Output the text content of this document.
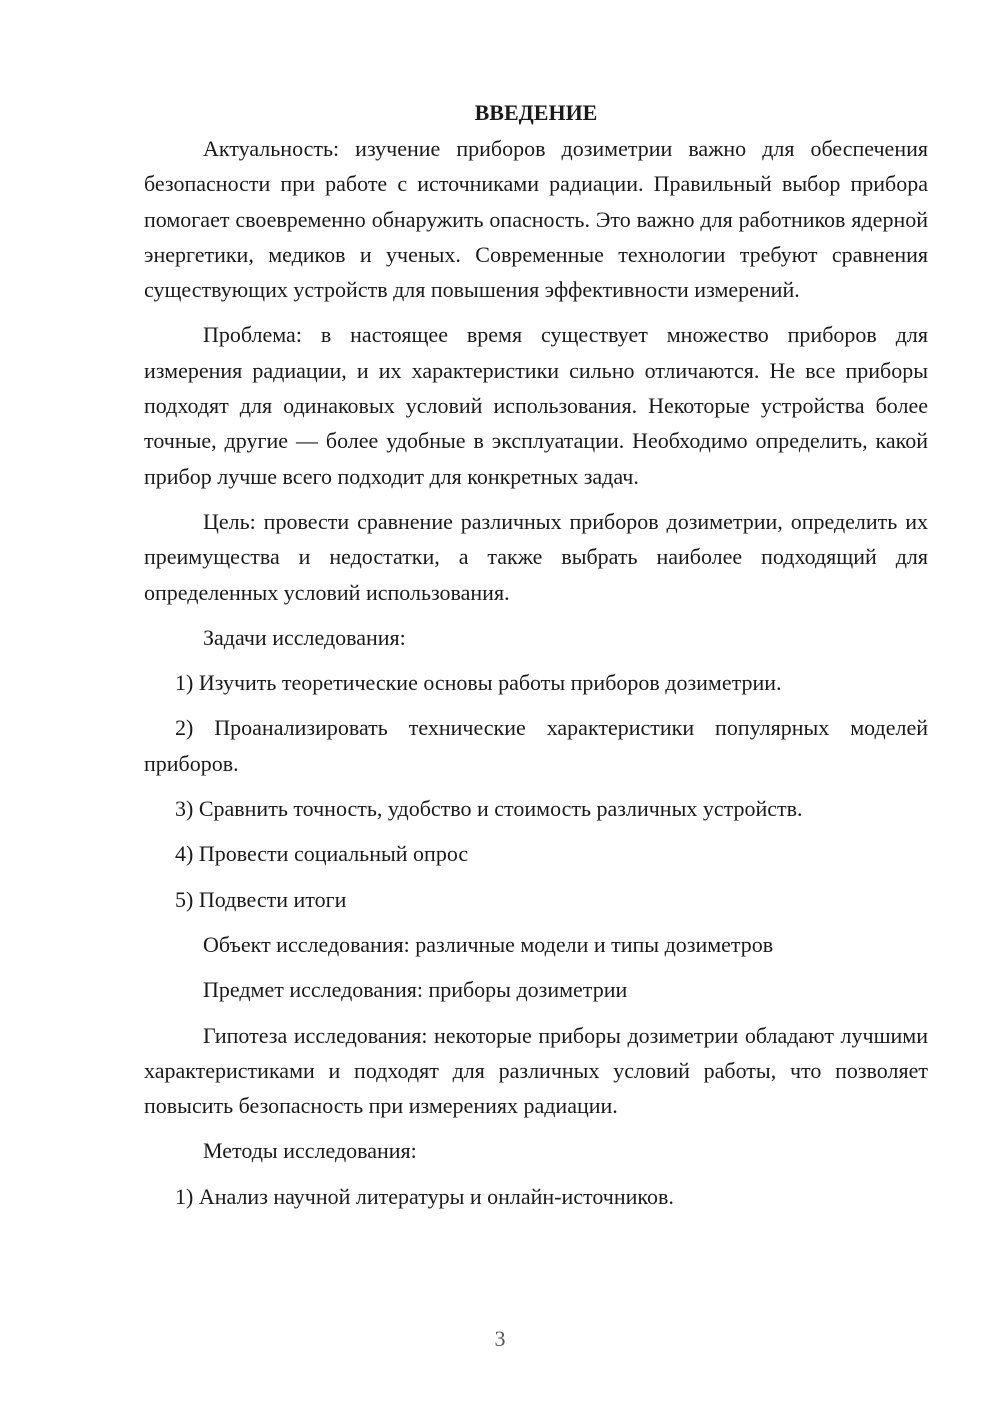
ВВЕДЕНИЕ

Актуальность: изучение приборов дозиметрии важно для обеспечения безопасности при работе с источниками радиации. Правильный выбор прибора помогает своевременно обнаружить опасность. Это важно для работников ядерной энергетики, медиков и ученых. Современные технологии требуют сравнения существующих устройств для повышения эффективности измерений.

Проблема: в настоящее время существует множество приборов для измерения радиации, и их характеристики сильно отличаются. Не все приборы подходят для одинаковых условий использования. Некоторые устройства более точные, другие — более удобные в эксплуатации. Необходимо определить, какой прибор лучше всего подходит для конкретных задач.

Цель: провести сравнение различных приборов дозиметрии, определить их преимущества и недостатки, а также выбрать наиболее подходящий для определенных условий использования.

Задачи исследования:

1) Изучить теоретические основы работы приборов дозиметрии.

2) Проанализировать технические характеристики популярных моделей приборов.

3) Сравнить точность, удобство и стоимость различных устройств.

4) Провести социальный опрос

5) Подвести итоги

Объект исследования: различные модели и типы дозиметров

Предмет исследования: приборы дозиметрии

Гипотеза исследования: некоторые приборы дозиметрии обладают лучшими характеристиками и подходят для различных условий работы, что позволяет повысить безопасность при измерениях радиации.

Методы исследования:

1) Анализ научной литературы и онлайн-источников.

3
